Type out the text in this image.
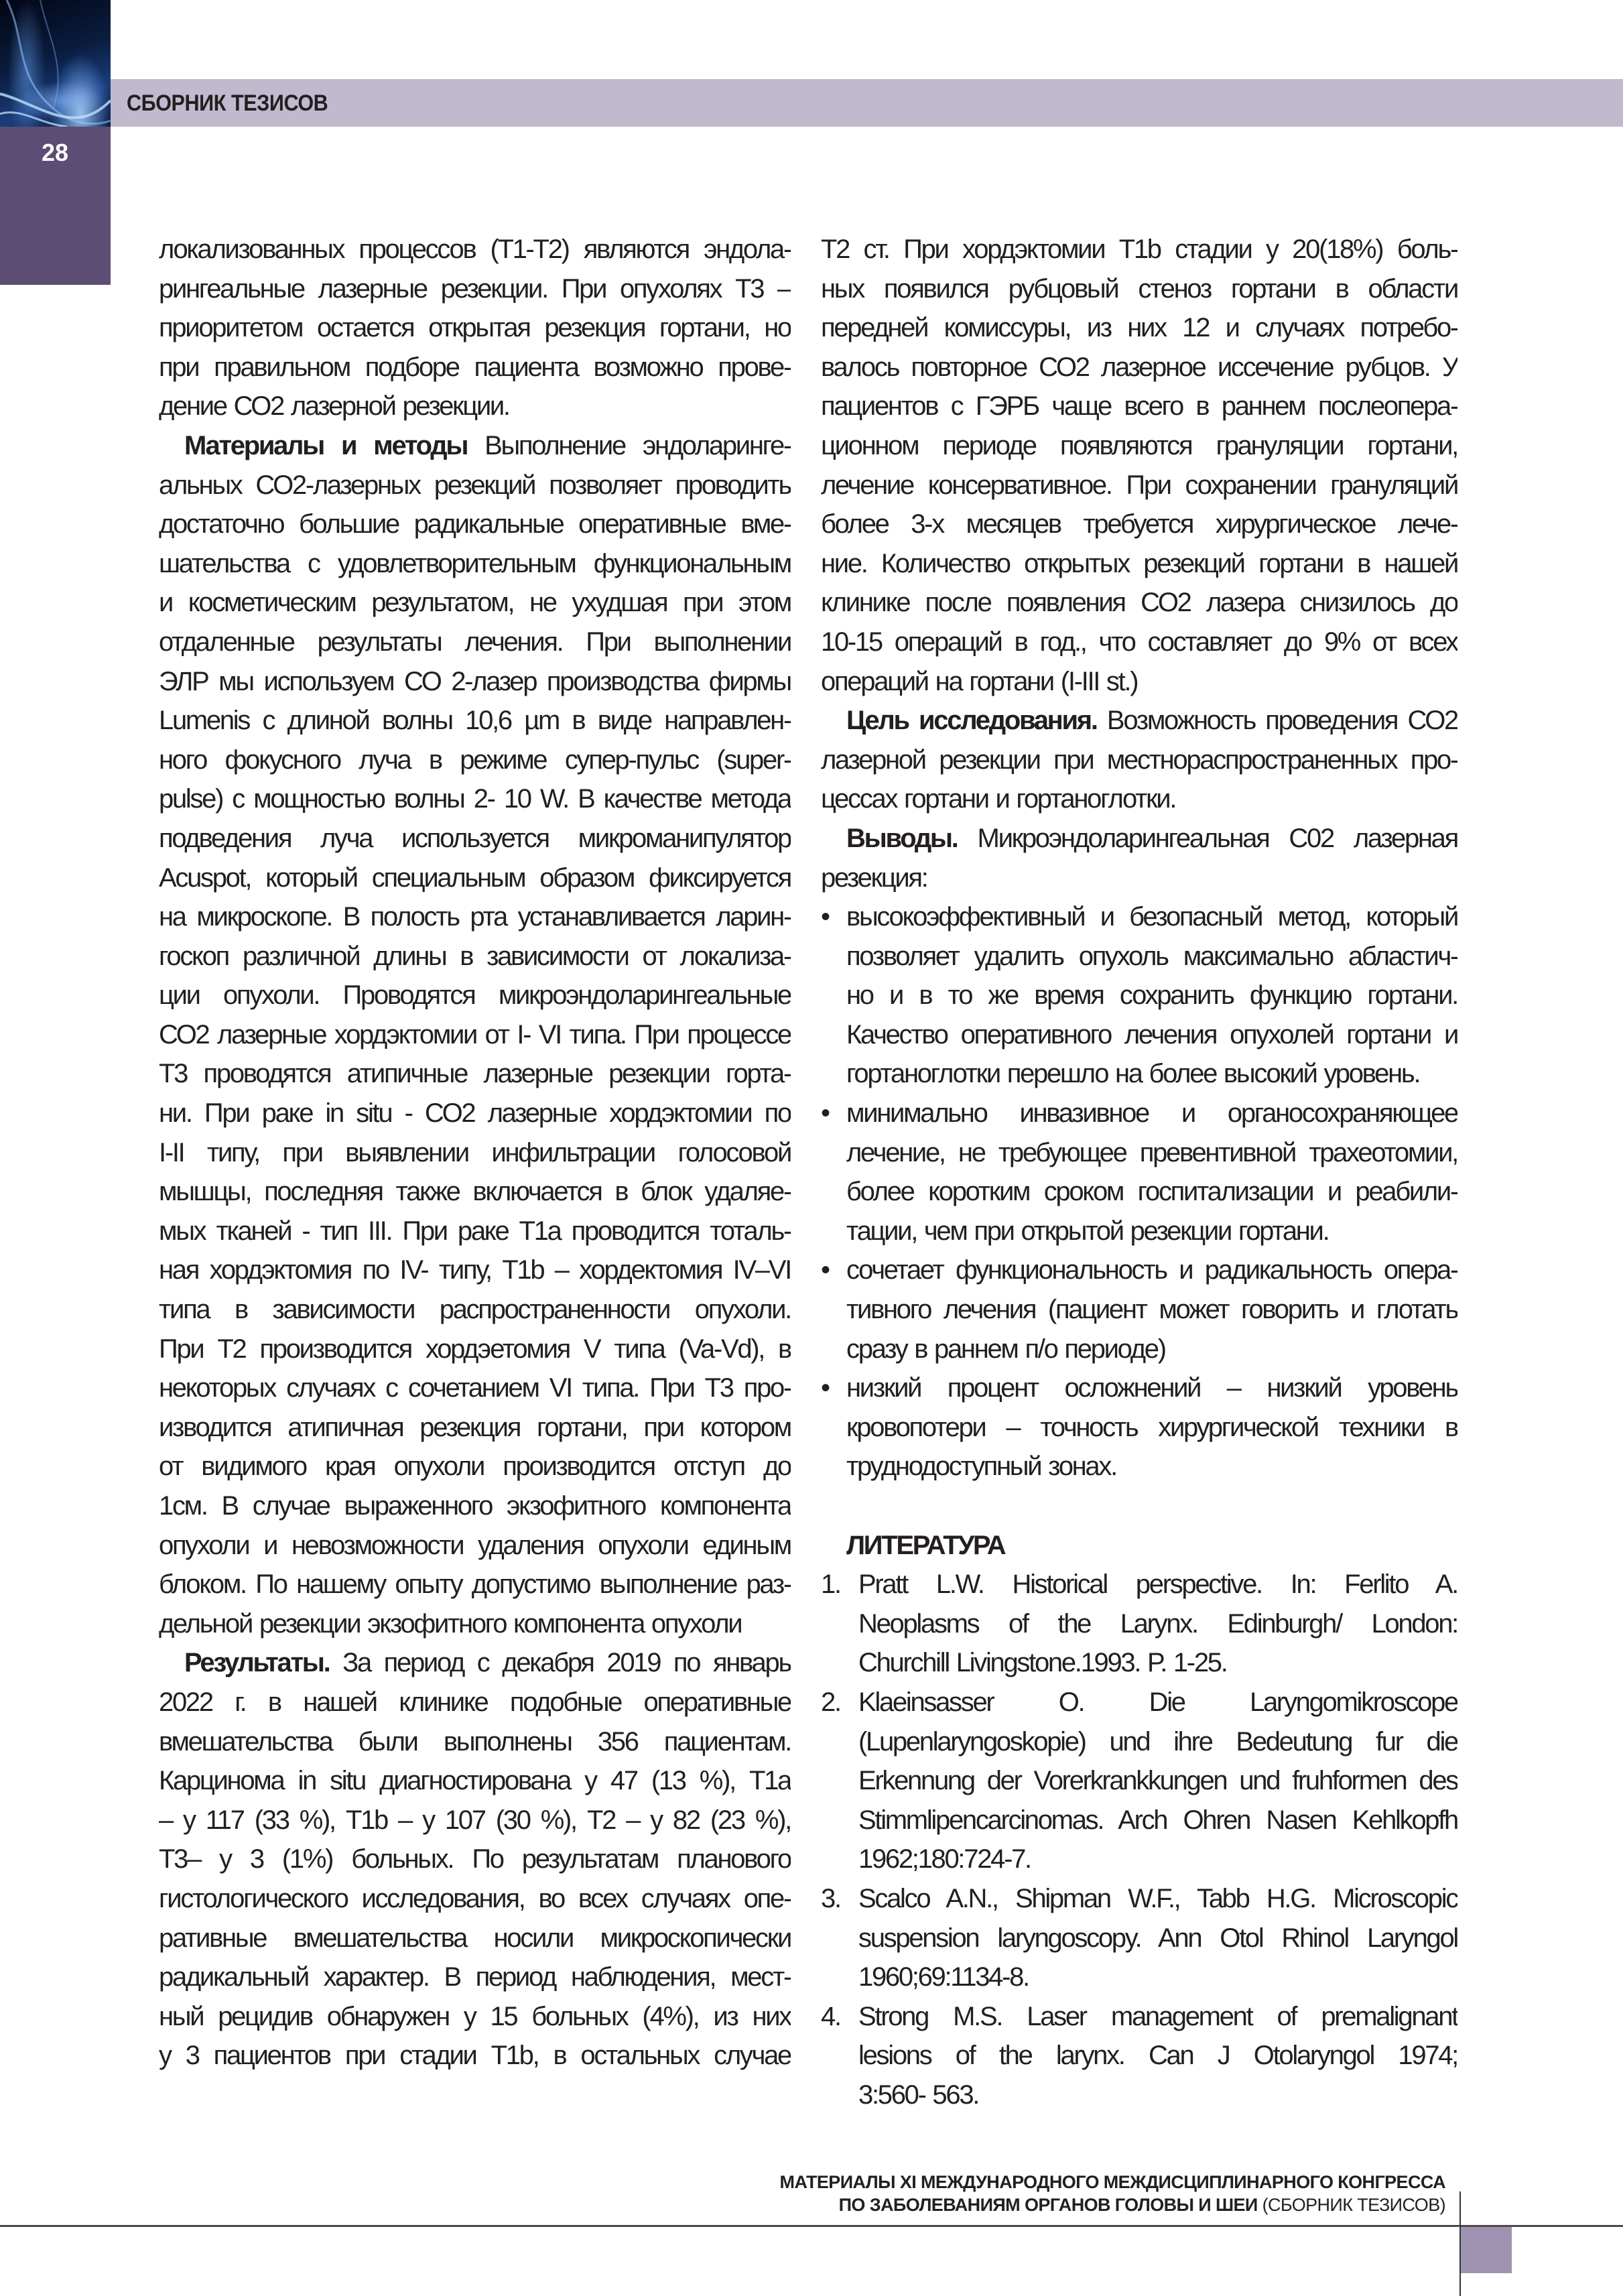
СБОРНИК ТЕЗИСОВ
28
локализованных процессов (T1-T2) являются эндола-
рингеальные лазерные резекции. При опухолях Т3 –
приоритетом остается открытая резекция гортани, но
при правильном подборе пациента возможно прове-
дение СО2 лазерной резекции.
Материалы и методы Выполнение эндоларинге-
альных СО2-лазерных резекций позволяет проводить
достаточно большие радикальные оперативные вме-
шательства с удовлетворительным функциональным
и косметическим результатом, не ухудшая при этом
отдаленные результаты лечения. При выполнении
ЭЛР мы используем СО 2-лазер производства фирмы
Lumenis с длиной волны 10,6 µm в виде направлен-
ного фокусного луча в режиме супер-пульс (super-
pulse) с мощностью волны 2- 10 W. В качестве метода
подведения луча используется микроманипулятор
Acuspot, который специальным образом фиксируется
на микроскопе. В полость рта устанавливается ларин-
госкоп различной длины в зависимости от локализа-
ции опухоли. Проводятся микроэндоларингеальные
СО2 лазерные хордэктомии от I- VI типа. При процессе
Т3 проводятся атипичные лазерные резекции горта-
ни. При раке in situ - СО2 лазерные хордэктомии по
I-II типу, при выявлении инфильтрации голосовой
мышцы, последняя также включается в блок удаляе-
мых тканей - тип III. При раке Т1а проводится тоталь-
ная хордэктомия по IV- типу, Т1b – хордектомия IV–VI
типа в зависимости распространенности опухоли.
При Т2 производится хордэетомия V типа (Va-Vd), в
некоторых случаях с сочетанием VI типа. При Т3 про-
изводится атипичная резекция гортани, при котором
от видимого края опухоли производится отступ до
1см. В случае выраженного экзофитного компонента
опухоли и невозможности удаления опухоли единым
блоком. По нашему опыту допустимо выполнение раз-
дельной резекции экзофитного компонента опухоли
Результаты. За период с декабря 2019 по январь
2022 г. в нашей клинике подобные оперативные
вмешательства были выполнены 356 пациентам.
Карцинома in situ диагностирована у 47 (13 %), Т1а
– у 117 (33 %), Т1b – у 107 (30 %), Т2 – у 82 (23 %),
Т3– у 3 (1%) больных. По результатам планового
гистологического исследования, во всех случаях опе-
ративные вмешательства носили микроскопически
радикальный характер. В период наблюдения, мест-
ный рецидив обнаружен у 15 больных (4%), из них
у 3 пациентов при стадии Т1b, в остальных случае
Т2 ст. При хордэктомии Т1b стадии у 20(18%) боль-
ных появился рубцовый стеноз гортани в области
передней комиссуры, из них 12 и случаях потребо-
валось повторное СО2 лазерное иссечение рубцов. У
пациентов с ГЭРБ чаще всего в раннем послеопера-
ционном периоде появляются грануляции гортани,
лечение консервативное. При сохранении грануляций
более 3-х месяцев требуется хирургическое лече-
ние. Количество открытых резекций гортани в нашей
клинике после появления СО2 лазера снизилось до
10-15 операций в год., что составляет до 9% от всех
операций на гортани (I-III st.)
Цель исследования. Возможность проведения СО2
лазерной резекции при местнораспространенных про-
цессах гортани и гортаноглотки.
Выводы. Микроэндоларингеальная С02 лазерная
резекция:
• высокоэффективный и безопасный метод, который
позволяет удалить опухоль максимально абластич-
но и в то же время сохранить функцию гортани.
Качество оперативного лечения опухолей гортани и
гортаноглотки перешло на более высокий уровень.
• минимально инвазивное и органосохраняющее
лечение, не требующее превентивной трахеотомии,
более коротким сроком госпитализации и реабили-
тации, чем при открытой резекции гортани.
• сочетает функциональность и радикальность опера-
тивного лечения (пациент может говорить и глотать
сразу в раннем п/о периоде)
• низкий процент осложнений – низкий уровень
кровопотери – точность хирургической техники в
труднодоступный зонах.
ЛИТЕРАТУРА
1. Pratt L.W. Historical perspective. In: Ferlito A.
Neoplasms of the Larynx. Edinburgh/ London:
Churchill Livingstone.1993. P. 1-25.
2. Klaeinsasser O. Die Laryngomikroscope
(Lupenlaryngoskopie) und ihre Bedeutung fur die
Erkennung der Vorerkrankkungen und fruhformen des
Stimmlipencarcinomas. Arch Ohren Nasen Kehlkopfh
1962;180:724-7.
3. Scalco A.N., Shipman W.F., Tabb H.G. Microscopic
suspension laryngoscopy. Ann Otol Rhinol Laryngol
1960;69:1134-8.
4. Strong M.S. Laser management of premalignant
lesions of the larynx. Can J Otolaryngol 1974;
3:560- 563.
МАТЕРИАЛЫ XI МЕЖДУНАРОДНОГО МЕЖДИСЦИПЛИНАРНОГО КОНГРЕССА
ПО ЗАБОЛЕВАНИЯМ ОРГАНОВ ГОЛОВЫ И ШЕИ (СБОРНИК ТЕЗИСОВ)
